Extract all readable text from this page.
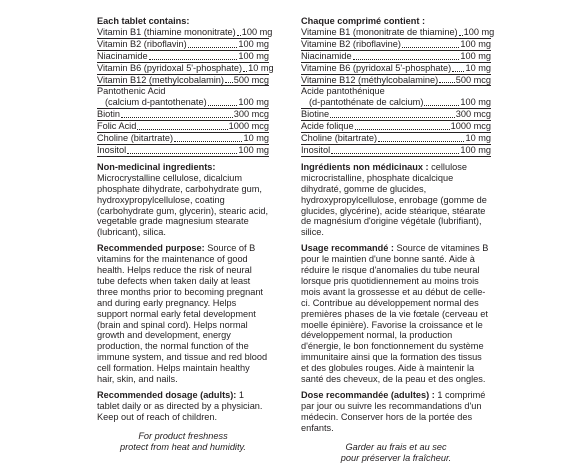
Each tablet contains:
Vitamin B1 (thiamine mononitrate) 100 mg
Vitamin B2 (riboflavin)	100 mg
Niacinamide	100 mg
Vitamin B6 (pyridoxal 5'-phosphate) 10 mg
Vitamin B12 (methylcobalamin) 500 mcg
Pantothenic Acid
(calcium d-pantothenate)	100 mg
Biotin	300 mcg
Folic Acid	1000 mcg
Choline (bitartrate)	10 mg
Inositol	100 mg

Non-medicinal ingredients: Microcrystalline cellulose, dicalcium phosphate dihydrate, carbohydrate gum, hydroxypropylcellulose, coating (carbohydrate gum, glycerin), stearic acid, vegetable grade magnesium stearate (lubricant), silica.

Recommended purpose: Source of B vitamins for the maintenance of good health. Helps reduce the risk of neural tube defects when taken daily at least three months prior to becoming pregnant and during early pregnancy. Helps support normal early fetal development (brain and spinal cord). Helps normal growth and development, energy production, the normal function of the immune system, and tissue and red blood cell formation. Helps maintain healthy hair, skin, and nails.

Recommended dosage (adults): 1 tablet daily or as directed by a physician. Keep out of reach of children.

For product freshness
protect from heat and humidity.
Chaque comprimé contient :
Vitamine B1 (mononitrate de thiamine) 100 mg
Vitamine B2 (riboflavine)	100 mg
Niacinamide	100 mg
Vitamine B6 (pyridoxal 5'-phosphate) 10 mg
Vitamine B12 (méthylcobalamine) 500 mcg
Acide pantothénique
(d-pantothénate de calcium)	100 mg
Biotine	300 mcg
Acide folique	1000 mcg
Choline (bitartrate)	10 mg
Inositol	100 mg

Ingrédients non médicinaux : cellulose microcristalline, phosphate dicalcique dihydraté, gomme de glucides, hydroxypropylcellulose, enrobage (gomme de glucides, glycérine), acide stéarique, stéarate de magnésium d'origine végétale (lubrifiant), silice.

Usage recommandé : Source de vitamines B pour le maintien d'une bonne santé. Aide à réduire le risque d'anomalies du tube neural lorsque pris quotidiennement au moins trois mois avant la grossesse et au début de celle-ci. Contribue au développement normal des premières phases de la vie fœtale (cerveau et moelle épinière). Favorise la croissance et le développement normal, la production d'énergie, le bon fonctionnement du système immunitaire ainsi que la formation des tissus et des globules rouges. Aide à maintenir la santé des cheveux, de la peau et des ongles.

Dose recommandée (adultes) : 1 comprimé par jour ou suivre les recommandations d'un médecin. Conserver hors de la portée des enfants.

Garder au frais et au sec
pour préserver la fraîcheur.
